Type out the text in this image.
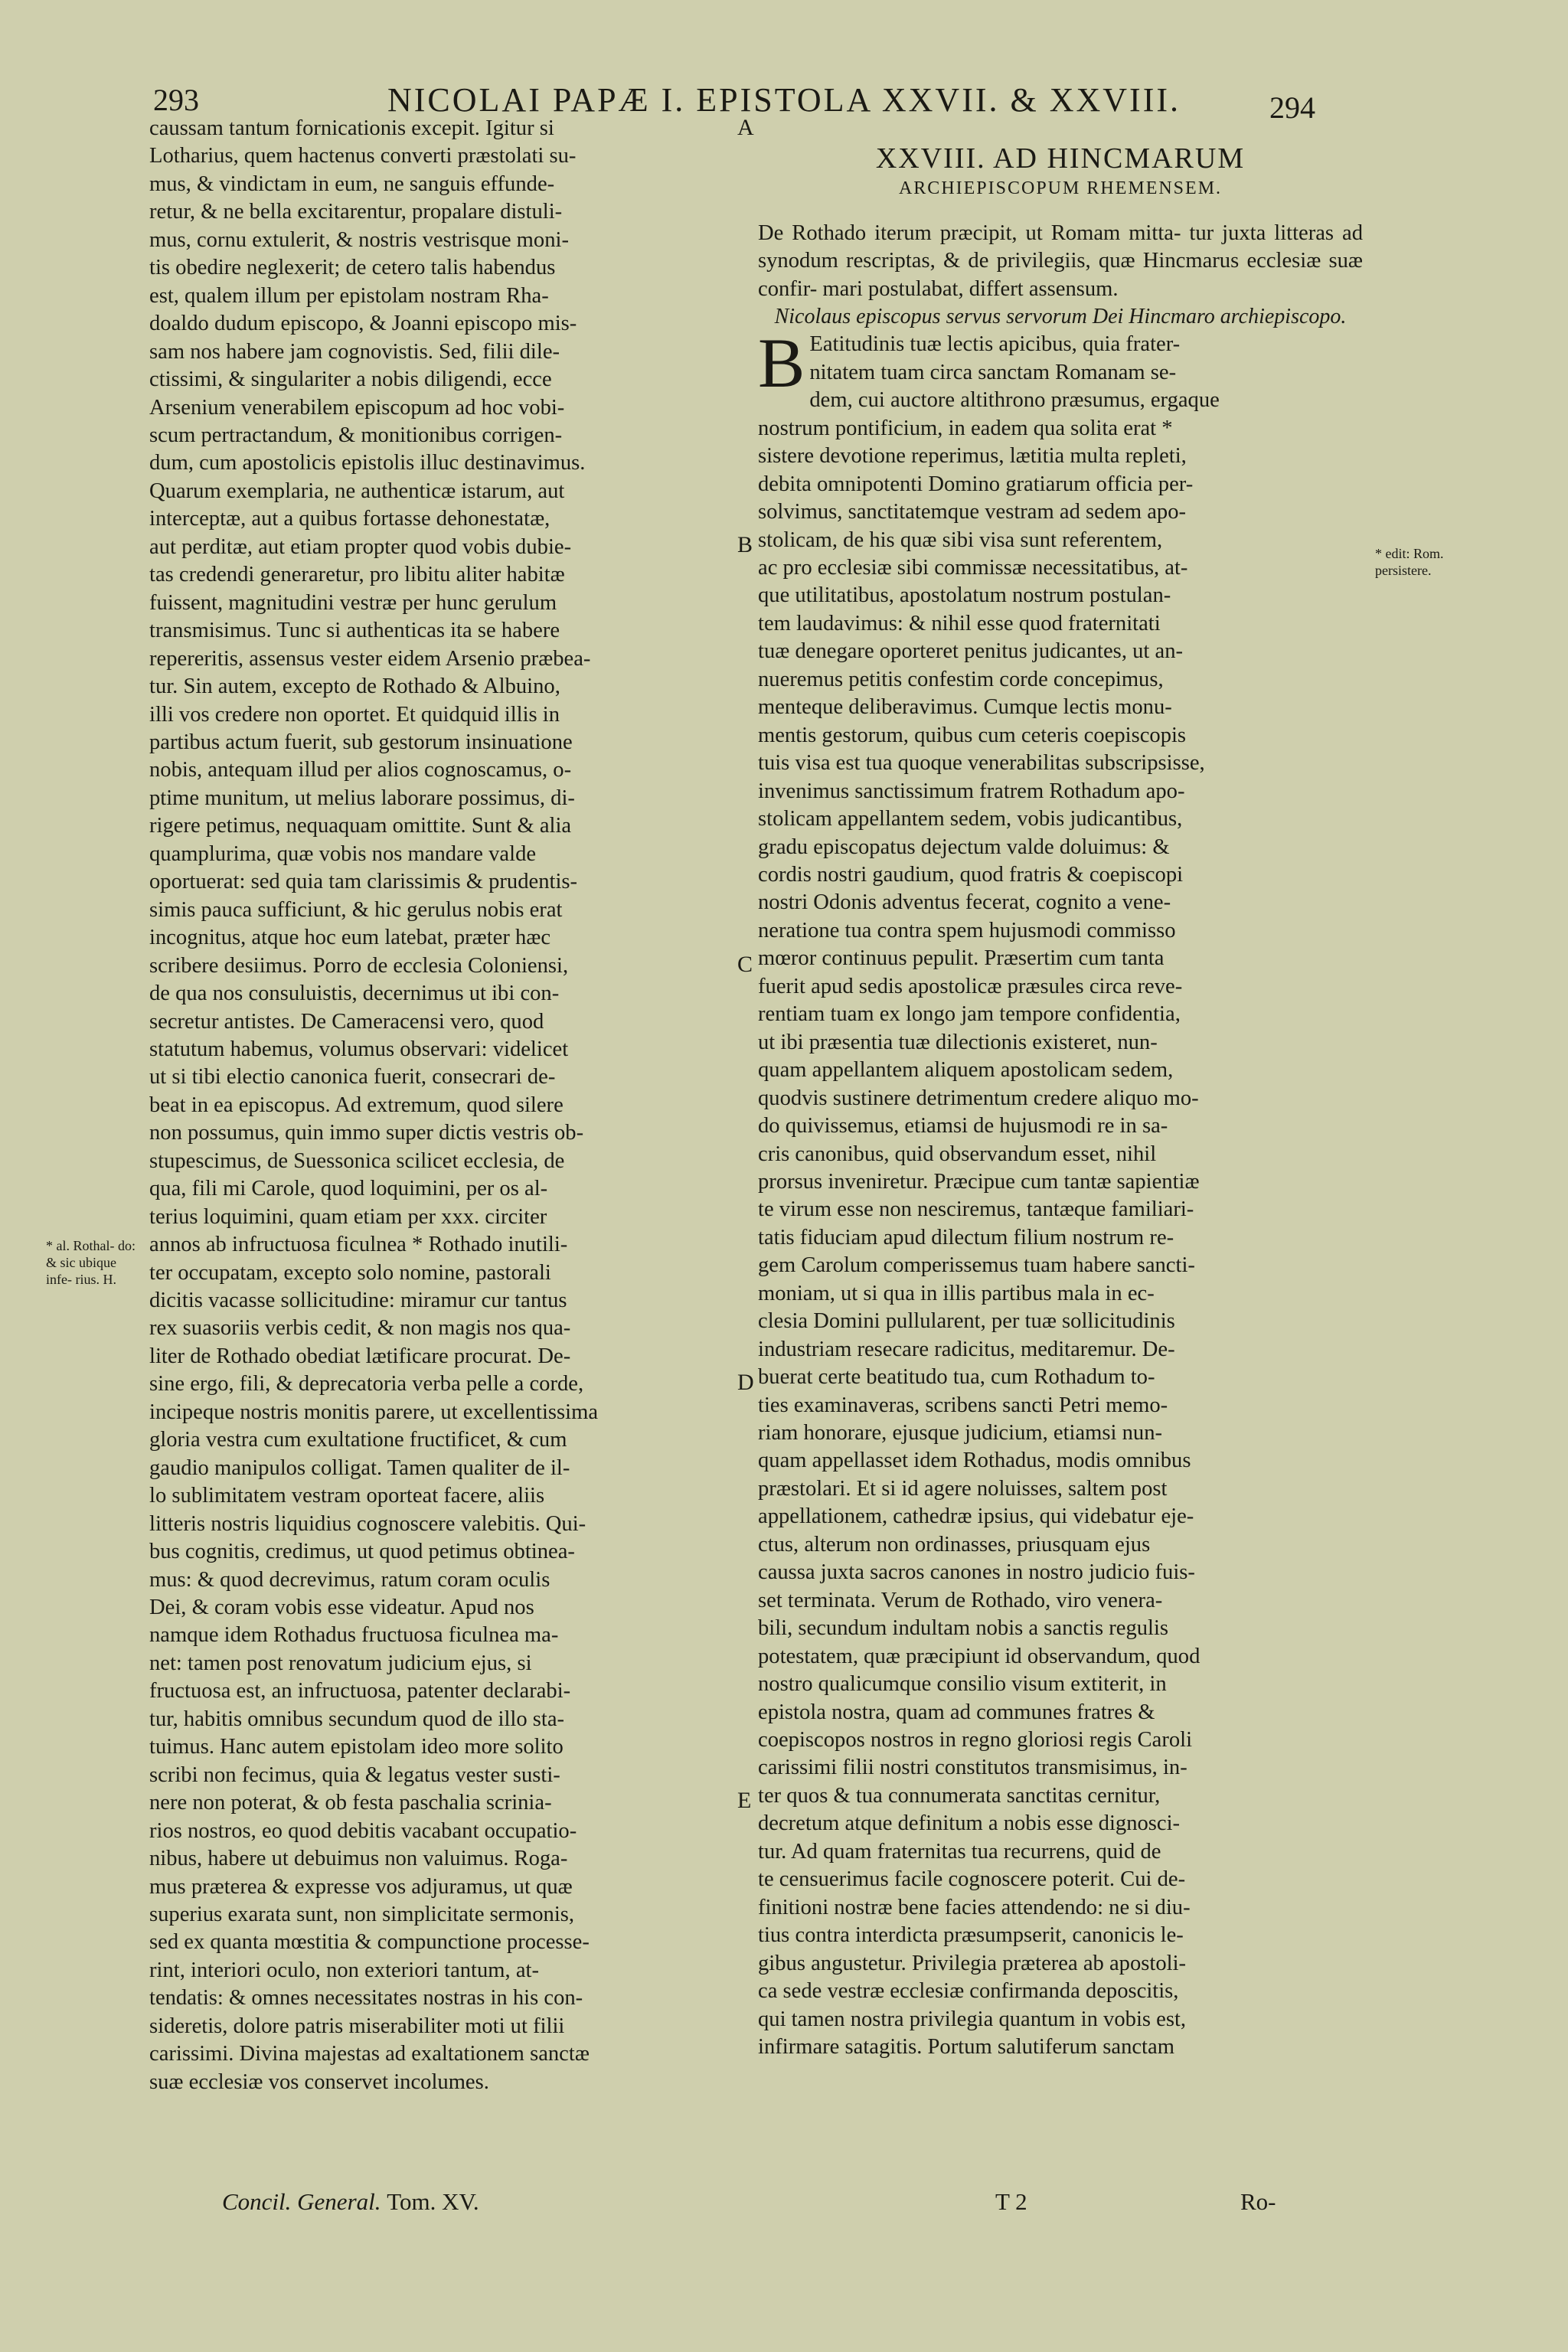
293	NICOLAI PAPÆ I. EPISTOLA XXVII. & XXVIII.	294

caussam tantum fornicationis excepit. Igitur si

Lotharius, quem hactenus converti præstolati su-

mus, & vindictam in eum, ne sanguis effunde-

retur, & ne bella excitarentur, propalare distuli-

mus, cornu extulerit, & nostris vestrisque moni-

tis obedire neglexerit; de cetero talis habendus

est, qualem illum per epistolam nostram Rha-

doaldo dudum episcopo, & Joanni episcopo mis-

sam nos habere jam cognovistis. Sed, filii dile-

ctissimi, & singulariter a nobis diligendi, ecce

Arsenium venerabilem episcopum ad hoc vobi-

scum pertractandum, & monitionibus corrigen-

dum, cum apostolicis epistolis illuc destinavimus.

Quarum exemplaria, ne authenticæ istarum, aut

interceptæ, aut a quibus fortasse dehonestatæ,

aut perditæ, aut etiam propter quod vobis dubie-

tas credendi generaretur, pro libitu aliter habitæ

fuissent, magnitudini vestræ per hunc gerulum

transmisimus. Tunc si authenticas ita se habere

repereritis, assensus vester eidem Arsenio præbea-

tur. Sin autem, excepto de Rothado & Albuino,

illi vos credere non oportet. Et quidquid illis in

partibus actum fuerit, sub gestorum insinuatione

nobis, antequam illud per alios cognoscamus, o-

ptime munitum, ut melius laborare possimus, di-

rigere petimus, nequaquam omittite. Sunt & alia

quamplurima, quæ vobis nos mandare valde

oportuerat: sed quia tam clarissimis & prudentis-

simis pauca sufficiunt, & hic gerulus nobis erat

incognitus, atque hoc eum latebat, præter hæc

scribere desiimus. Porro de ecclesia Coloniensi,

de qua nos consuluistis, decernimus ut ibi con-

secretur antistes. De Cameracensi vero, quod

statutum habemus, volumus observari: videlicet

ut si tibi electio canonica fuerit, consecrari de-

beat in ea episcopus. Ad extremum, quod silere

non possumus, quin immo super dictis vestris ob-

stupescimus, de Suessonica scilicet ecclesia, de

qua, fili mi Carole, quod loquimini, per os al-

terius loquimini, quam etiam per xxx. circiter

annos ab infructuosa ficulnea * Rothado inutili-

ter occupatam, excepto solo nomine, pastorali

dicitis vacasse sollicitudine: miramur cur tantus

rex suasoriis verbis cedit, & non magis nos qua-

liter de Rothado obediat lætificare procurat. De-

sine ergo, fili, & deprecatoria verba pelle a corde,

incipeque nostris monitis parere, ut excellentissima

gloria vestra cum exultatione fructificet, & cum

gaudio manipulos colligat. Tamen qualiter de il-

lo sublimitatem vestram oporteat facere, aliis

litteris nostris liquidius cognoscere valebitis. Qui-

bus cognitis, credimus, ut quod petimus obtinea-

mus: & quod decrevimus, ratum coram oculis

Dei, & coram vobis esse videatur. Apud nos

namque idem Rothadus fructuosa ficulnea ma-

net: tamen post renovatum judicium ejus, si

fructuosa est, an infructuosa, patenter declarabi-

tur, habitis omnibus secundum quod de illo sta-

tuimus. Hanc autem epistolam ideo more solito

scribi non fecimus, quia & legatus vester susti-

nere non poterat, & ob festa paschalia scrinia-

rios nostros, eo quod debitis vacabant occupatio-

nibus, habere ut debuimus non valuimus. Roga-

mus præterea & expresse vos adjuramus, ut quæ

superius exarata sunt, non simplicitate sermonis,

sed ex quanta mœstitia & compunctione processe-

rint, interiori oculo, non exteriori tantum, at-

tendatis: & omnes necessitates nostras in his con-

sideretis, dolore patris miserabiliter moti ut filii

carissimi. Divina majestas ad exaltationem sanctæ

suæ ecclesiæ vos conservet incolumes.

XXVIII. AD HINCMARUM
ARCHIEPISCOPUM RHEMENSEM.

De Rothado iterum præcipit, ut Romam mitta- tur juxta litteras ad synodum rescriptas, & de privilegiis, quæ Hincmarus ecclesiæ suæ confir- mari postulabat, differt assensum.

Nicolaus episcopus servus servorum Dei Hincmaro archiepiscopo.

B Eatitudinis tuæ lectis apicibus, quia frater-

nitatem tuam circa sanctam Romanam se-

dem, cui auctore altithrono præsumus, ergaque

nostrum pontificium, in eadem qua solita erat *

sistere devotione reperimus, lætitia multa repleti,

debita omnipotenti Domino gratiarum officia per-

solvimus, sanctitatemque vestram ad sedem apo-

stolicam, de his quæ sibi visa sunt referentem,

ac pro ecclesiæ sibi commissæ necessitatibus, at-

que utilitatibus, apostolatum nostrum postulan-

tem laudavimus: & nihil esse quod fraternitati

tuæ denegare oporteret penitus judicantes, ut an-

nueremus petitis confestim corde concepimus,

menteque deliberavimus. Cumque lectis monu-

mentis gestorum, quibus cum ceteris coepiscopis

tuis visa est tua quoque venerabilitas subscripsisse,

invenimus sanctissimum fratrem Rothadum apo-

stolicam appellantem sedem, vobis judicantibus,

gradu episcopatus dejectum valde doluimus: &

cordis nostri gaudium, quod fratris & coepiscopi

nostri Odonis adventus fecerat, cognito a vene-

neratione tua contra spem hujusmodi commisso

mœror continuus pepulit. Præsertim cum tanta

fuerit apud sedis apostolicæ præsules circa reve-

rentiam tuam ex longo jam tempore confidentia,

ut ibi præsentia tuæ dilectionis existeret, nun-

quam appellantem aliquem apostolicam sedem,

quodvis sustinere detrimentum credere aliquo mo-

do quivissemus, etiamsi de hujusmodi re in sa-

cris canonibus, quid observandum esset, nihil

prorsus inveniretur. Præcipue cum tantæ sapientiæ

te virum esse non nesciremus, tantæque familiari-

tatis fiduciam apud dilectum filium nostrum re-

gem Carolum comperissemus tuam habere sancti-

moniam, ut si qua in illis partibus mala in ec-

clesia Domini pullularent, per tuæ sollicitudinis

industriam resecare radicitus, meditaremur. De-

buerat certe beatitudo tua, cum Rothadum to-

ties examinaveras, scribens sancti Petri memo-

riam honorare, ejusque judicium, etiamsi nun-

quam appellasset idem Rothadus, modis omnibus

præstolari. Et si id agere noluisses, saltem post

appellationem, cathedræ ipsius, qui videbatur eje-

ctus, alterum non ordinasses, priusquam ejus

caussa juxta sacros canones in nostro judicio fuis-

set terminata. Verum de Rothado, viro venera-

bili, secundum indultam nobis a sanctis regulis

potestatem, quæ præcipiunt id observandum, quod

nostro qualicumque consilio visum extiterit, in

epistola nostra, quam ad communes fratres &

coepiscopos nostros in regno gloriosi regis Caroli

carissimi filii nostri constitutos transmisimus, in-

ter quos & tua connumerata sanctitas cernitur,

decretum atque definitum a nobis esse dignosci-

tur. Ad quam fraternitas tua recurrens, quid de

te censuerimus facile cognoscere poterit. Cui de-

finitioni nostræ bene facies attendendo: ne si diu-

tius contra interdicta præsumpserit, canonicis le-

gibus angustetur. Privilegia præterea ab apostoli-

ca sede vestræ ecclesiæ confirmanda deposcitis,

qui tamen nostra privilegia quantum in vobis est,

infirmare satagitis. Portum salutiferum sanctam

A
B
C
D
E
* edit: Rom. persistere.
* al. Rothal- do: & sic ubique infe- rius. H.
Concil. General. Tom. XV.	T 2	Ro-
